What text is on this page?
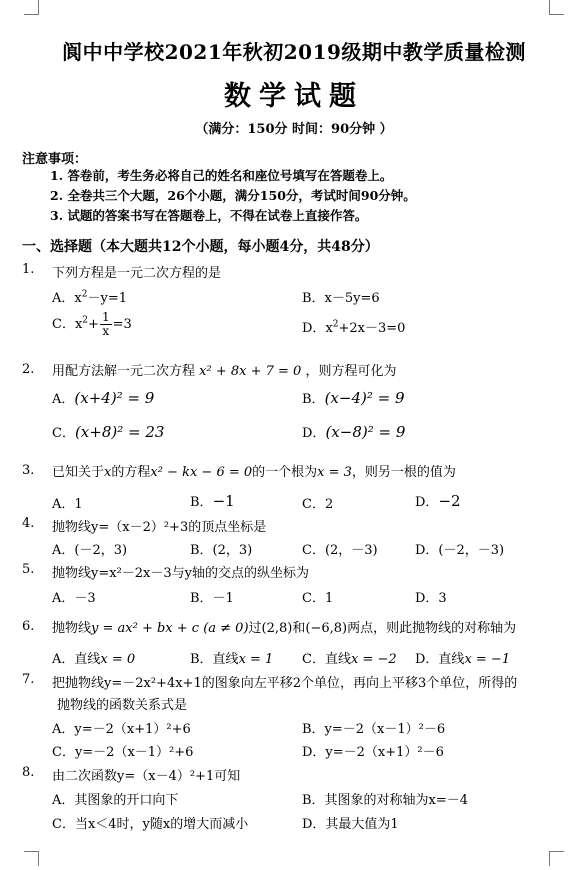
阆中中学校2021年秋初2019级期中教学质量检测
数学试题
（满分：150分 时间：90分钟 ）
注意事项：
1. 答卷前，考生务必将自己的姓名和座位号填写在答题卷上。
2. 全卷共三个大题，26个小题，满分150分，考试时间90分钟。
3. 试题的答案书写在答题卷上，不得在试卷上直接作答。
一、选择题（本大题共12个小题，每小题4分，共48分）
1. 下列方程是一元二次方程的是
A．$x^2-y=1$	B．x－5y=6
C．$x^2+ \frac{1}{x} =3$	D．$x^2+2x-3=0$
2. 用配方法解一元二次方程 x² + 8x + 7 = 0 ，则方程可化为
A．(x+4)² = 9	B．(x−4)² = 9
C．(x+8)² = 23	D．(x−8)² = 9
3. 已知关于x的方程x² − kx − 6 = 0的一个根为x = 3，则另一根的值为
A．1	B．−1	C．2	D．−2
4. 抛物线y=（x－2）²+3的顶点坐标是
A．(－2，3)	B．(2，3)	C．(2，－3)	D．(－2，－3)
5. 抛物线y=x²－2x－3与y轴的交点的纵坐标为
A．－3	B．－1	C．1	D．3
6. 抛物线y = ax² + bx + c (a ≠ 0)过(2,8)和(−6,8)两点，则此抛物线的对称轴为
A．直线x = 0	B．直线x = 1 C．直线x = −2 D．直线x = −1
7. 把抛物线y=－2x²+4x+1的图象向左平移2个单位，再向上平移3个单位，所得的
抛物线的函数关系式是
A．y=－2（x+1）²+6	B．y=－2（x－1）²－6
C．y=－2（x－1）²+6	D．y=－2（x+1）²－6
8. 由二次函数y=（x－4）²+1可知
A．其图象的开口向下	B．其图象的对称轴为x=－4
C．当x＜4时，y随x的增大而减小	D．其最大值为1
